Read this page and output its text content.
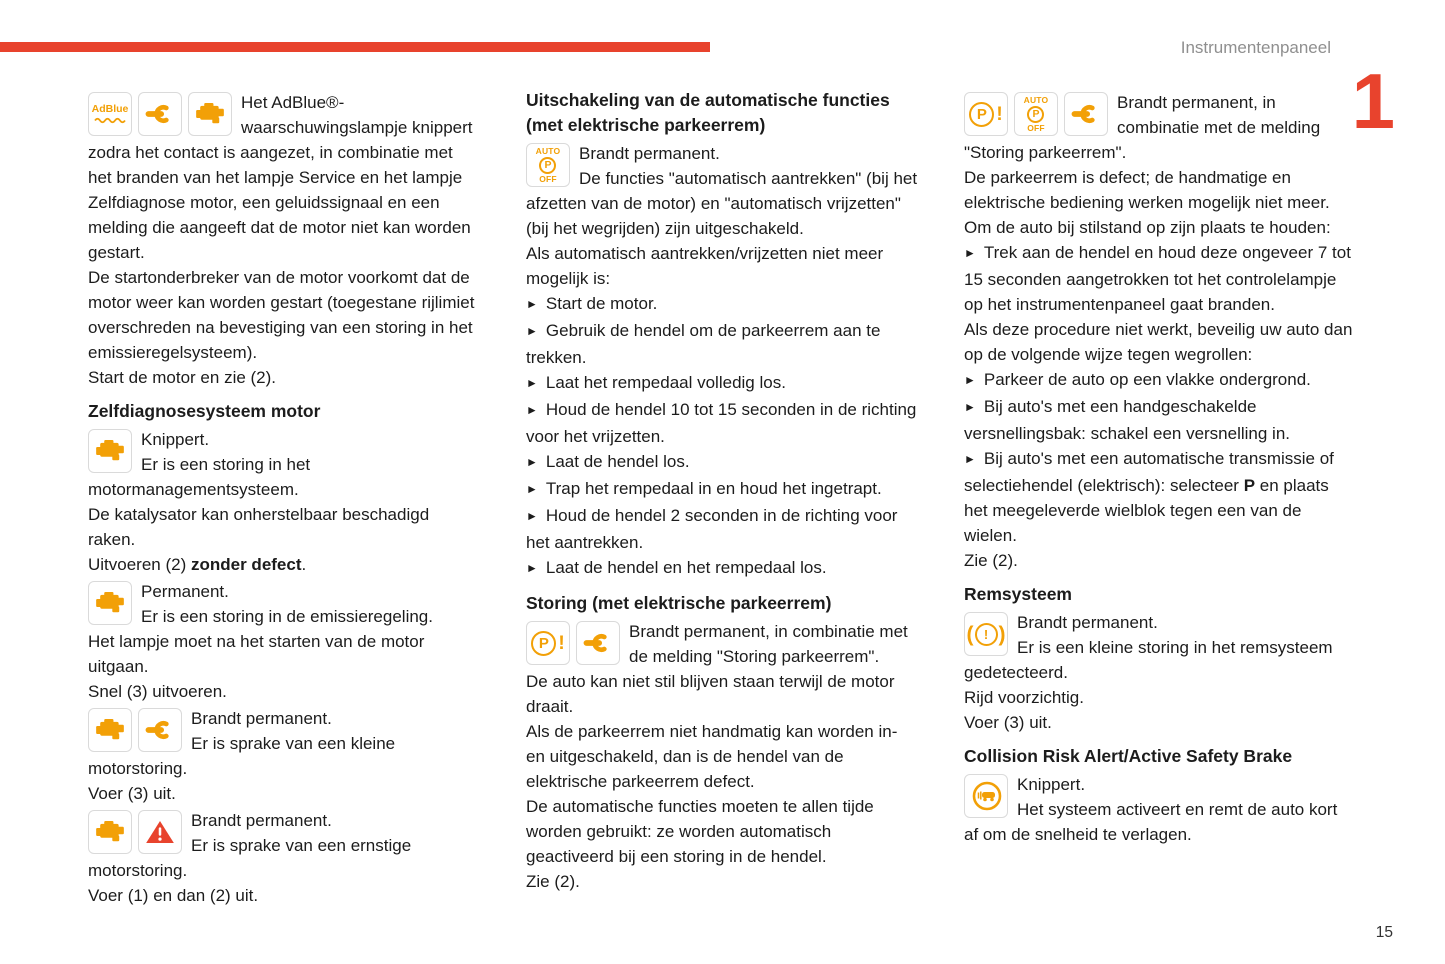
Instrumentenpaneel
1
15
AdBlue	Het AdBlue®-waarschuwingslampje knippert zodra het contact is aangezet, in combinatie met het branden van het lampje Service en het lampje Zelfdiagnose motor, een geluidssignaal en een melding die aangeeft dat de motor niet kan worden gestart.

De startonderbreker van de motor voorkomt dat de motor weer kan worden gestart (toegestane rijlimiet overschreden na bevestiging van een storing in het emissieregelsysteem).

Start de motor en zie (2).

Zelfdiagnosesysteem motor
Knippert.
Er is een storing in het motormanagementsysteem.

De katalysator kan onherstelbaar beschadigd raken.

Uitvoeren (2) zonder defect.

Permanent.
Er is een storing in de emissieregeling.

Het lampje moet na het starten van de motor uitgaan.

Snel (3) uitvoeren.

Brandt permanent.
Er is sprake van een kleine motorstoring.

Voer (3) uit.

Brandt permanent.
Er is sprake van een ernstige motorstoring.

Voer (1) en dan (2) uit.

Uitschakeling van de automatische functies (met elektrische parkeerrem)
AUTO
P
OFF
Brandt permanent.
De functies "automatisch aantrekken" (bij het afzetten van de motor) en "automatisch vrijzetten" (bij het wegrijden) zijn uitgeschakeld.

Als automatisch aantrekken/vrijzetten niet meer mogelijk is:

► Start de motor.

► Gebruik de hendel om de parkeerrem aan te trekken.

► Laat het rempedaal volledig los.

► Houd de hendel 10 tot 15 seconden in de richting voor het vrijzetten.

► Laat de hendel los.

► Trap het rempedaal in en houd het ingetrapt.

► Houd de hendel 2 seconden in de richting voor het aantrekken.

► Laat de hendel en het rempedaal los.

Storing (met elektrische parkeerrem)
P !
Brandt permanent, in combinatie met de melding "Storing parkeerrem".

De auto kan niet stil blijven staan terwijl de motor draait.

Als de parkeerrem niet handmatig kan worden in- en uitgeschakeld, dan is de hendel van de elektrische parkeerrem defect.

De automatische functies moeten te allen tijde worden gebruikt: ze worden automatisch geactiveerd bij een storing in de hendel.

Zie (2).

P !
AUTO
P
OFF
Brandt permanent, in combinatie met de melding "Storing parkeerrem".

De parkeerrem is defect; de handmatige en elektrische bediening werken mogelijk niet meer.

Om de auto bij stilstand op zijn plaats te houden:

► Trek aan de hendel en houd deze ongeveer 7 tot 15 seconden aangetrokken tot het controlelampje op het instrumentenpaneel gaat branden.

Als deze procedure niet werkt, beveilig uw auto dan op de volgende wijze tegen wegrollen:

► Parkeer de auto op een vlakke ondergrond.

► Bij auto's met een handgeschakelde versnellingsbak: schakel een versnelling in.

► Bij auto's met een automatische transmissie of selectiehendel (elektrisch): selecteer P en plaats het meegeleverde wielblok tegen een van de wielen.

Zie (2).

Remsysteem
( ! ) Brandt permanent.
Er is een kleine storing in het remsysteem gedetecteerd.

Rijd voorzichtig.

Voer (3) uit.

Collision Risk Alert/Active Safety Brake
Knippert.
Het systeem activeert en remt de auto kort af om de snelheid te verlagen.
